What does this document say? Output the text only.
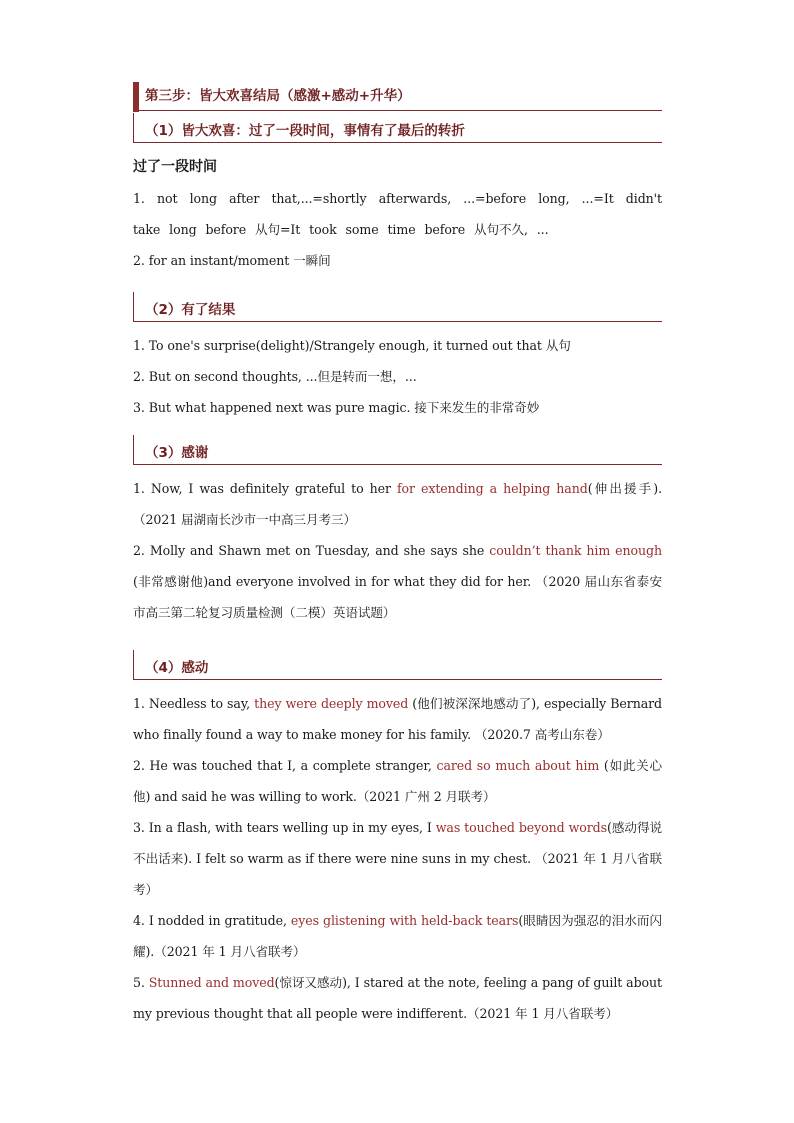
第三步：皆大欢喜结局（感激+感动+升华）
（1）皆大欢喜：过了一段时间，事情有了最后的转折
过了一段时间
1. not long after that,...=shortly afterwards, ...=before long, ...=It didn't take long before 从句=It took some time before 从句不久, ...
2. for an instant/moment 一瞬间
（2）有了结果
1. To one's surprise(delight)/Strangely enough, it turned out that 从句
2. But on second thoughts, ...但是转而一想，...
3. But what happened next was pure magic. 接下来发生的非常奇妙
（3）感谢
1. Now, I was definitely grateful to her for extending a helping hand(伸出援手).（2021 届湖南长沙市一中高三月考三）
2. Molly and Shawn met on Tuesday, and she says she couldn’t thank him enough (非常感谢他)and everyone involved in for what they did for her. （2020 届山东省泰安市高三第二轮复习质量检测（二模）英语试题）
（4）感动
1. Needless to say, they were deeply moved (他们被深深地感动了), especially Bernard who finally found a way to make money for his family. （2020.7 高考山东卷）
2. He was touched that I, a complete stranger, cared so much about him (如此关心他) and said he was willing to work.（2021 广州 2 月联考）
3. In a flash, with tears welling up in my eyes, I was touched beyond words(感动得说不出话来). I felt so warm as if there were nine suns in my chest. （2021 年 1 月八省联考）
4. I nodded in gratitude, eyes glistening with held-back tears(眼睛因为强忍的泪水而闪耀).（2021 年 1 月八省联考）
5. Stunned and moved(惊讶又感动), I stared at the note, feeling a pang of guilt about my previous thought that all people were indifferent.（2021 年 1 月八省联考）
